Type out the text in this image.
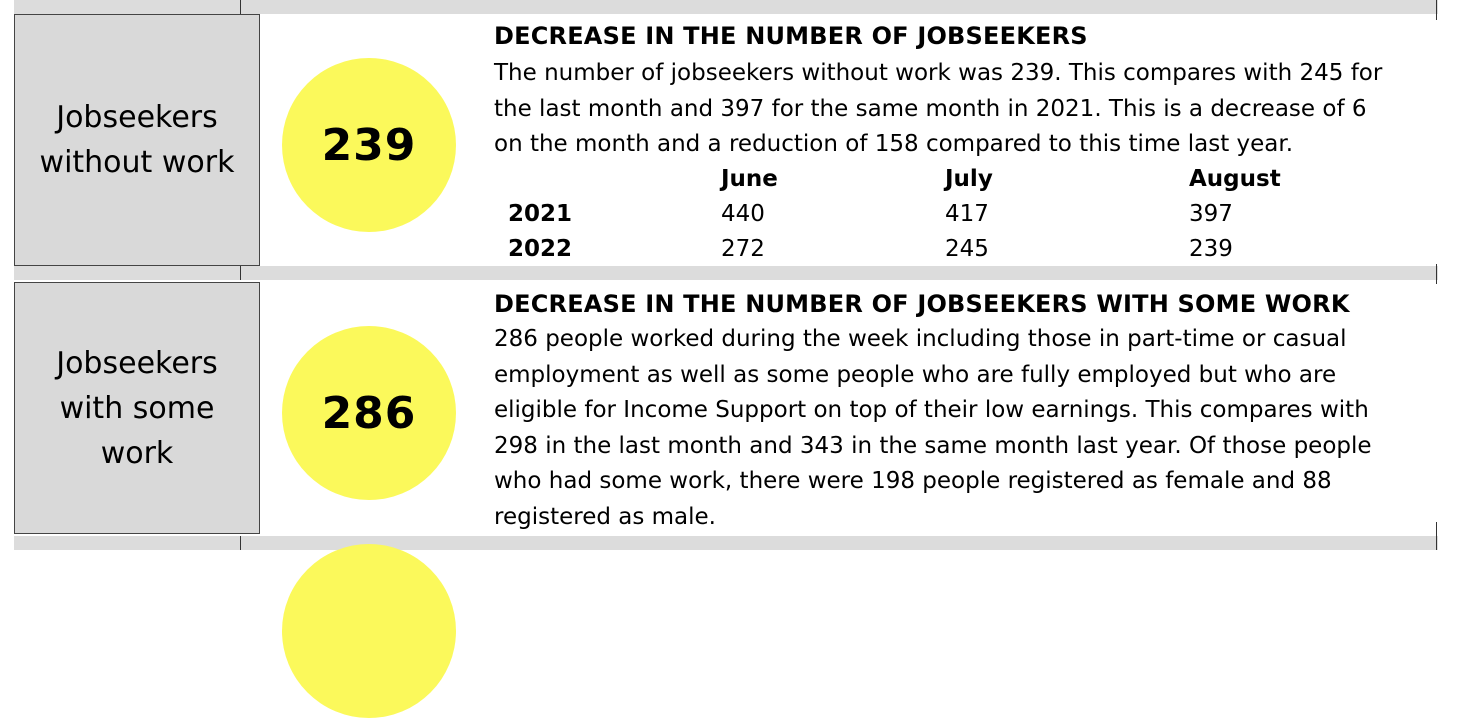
Jobseekers without work 239
DECREASE IN THE NUMBER OF JOBSEEKERS
The number of jobseekers without work was 239. This compares with 245 for the last month and 397 for the same month in 2021. This is a decrease of 6 on the month and a reduction of 158 compared to this time last year.
June	July	August
2021	440	417	397
2022	272	245	239
Jobseekers with some work
286
DECREASE IN THE NUMBER OF JOBSEEKERS WITH SOME WORK
286 people worked during the week including those in part-time or casual employment as well as some people who are fully employed but who are eligible for Income Support on top of their low earnings. This compares with 298 in the last month and 343 in the same month last year. Of those people who had some work, there were 198 people registered as female and 88 registered as male.
